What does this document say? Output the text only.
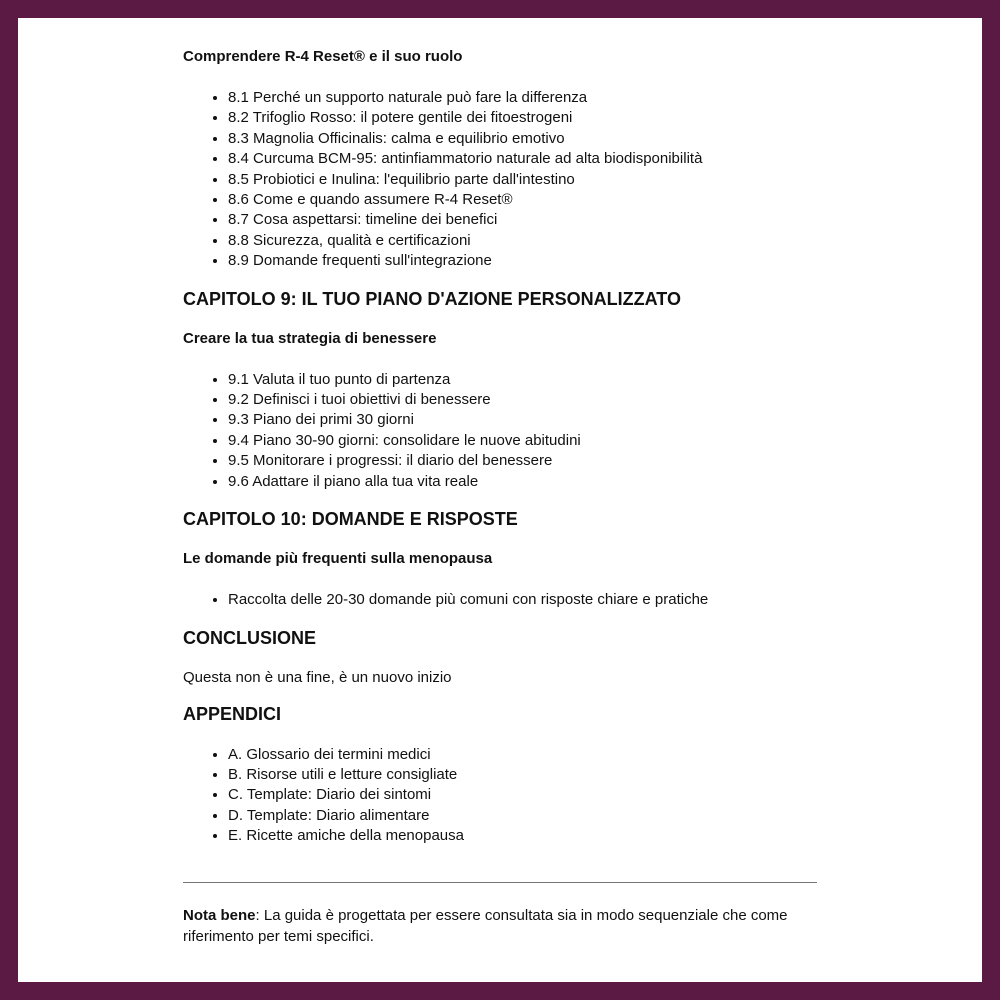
Comprendere R-4 Reset® e il suo ruolo
• 8.1 Perché un supporto naturale può fare la differenza
• 8.2 Trifoglio Rosso: il potere gentile dei fitoestrogeni
• 8.3 Magnolia Officinalis: calma e equilibrio emotivo
• 8.4 Curcuma BCM-95: antinfiammatorio naturale ad alta biodisponibilità
• 8.5 Probiotici e Inulina: l'equilibrio parte dall'intestino
• 8.6 Come e quando assumere R-4 Reset®
• 8.7 Cosa aspettarsi: timeline dei benefici
• 8.8 Sicurezza, qualità e certificazioni
• 8.9 Domande frequenti sull'integrazione
CAPITOLO 9: IL TUO PIANO D'AZIONE PERSONALIZZATO
Creare la tua strategia di benessere
• 9.1 Valuta il tuo punto di partenza
• 9.2 Definisci i tuoi obiettivi di benessere
• 9.3 Piano dei primi 30 giorni
• 9.4 Piano 30-90 giorni: consolidare le nuove abitudini
• 9.5 Monitorare i progressi: il diario del benessere
• 9.6 Adattare il piano alla tua vita reale
CAPITOLO 10: DOMANDE E RISPOSTE
Le domande più frequenti sulla menopausa
• Raccolta delle 20-30 domande più comuni con risposte chiare e pratiche
CONCLUSIONE

Questa non è una fine, è un nuovo inizio

APPENDICI
• A. Glossario dei termini medici
• B. Risorse utili e letture consigliate
• C. Template: Diario dei sintomi
• D. Template: Diario alimentare
• E. Ricette amiche della menopausa

Nota bene: La guida è progettata per essere consultata sia in modo sequenziale che come riferimento per temi specifici.
